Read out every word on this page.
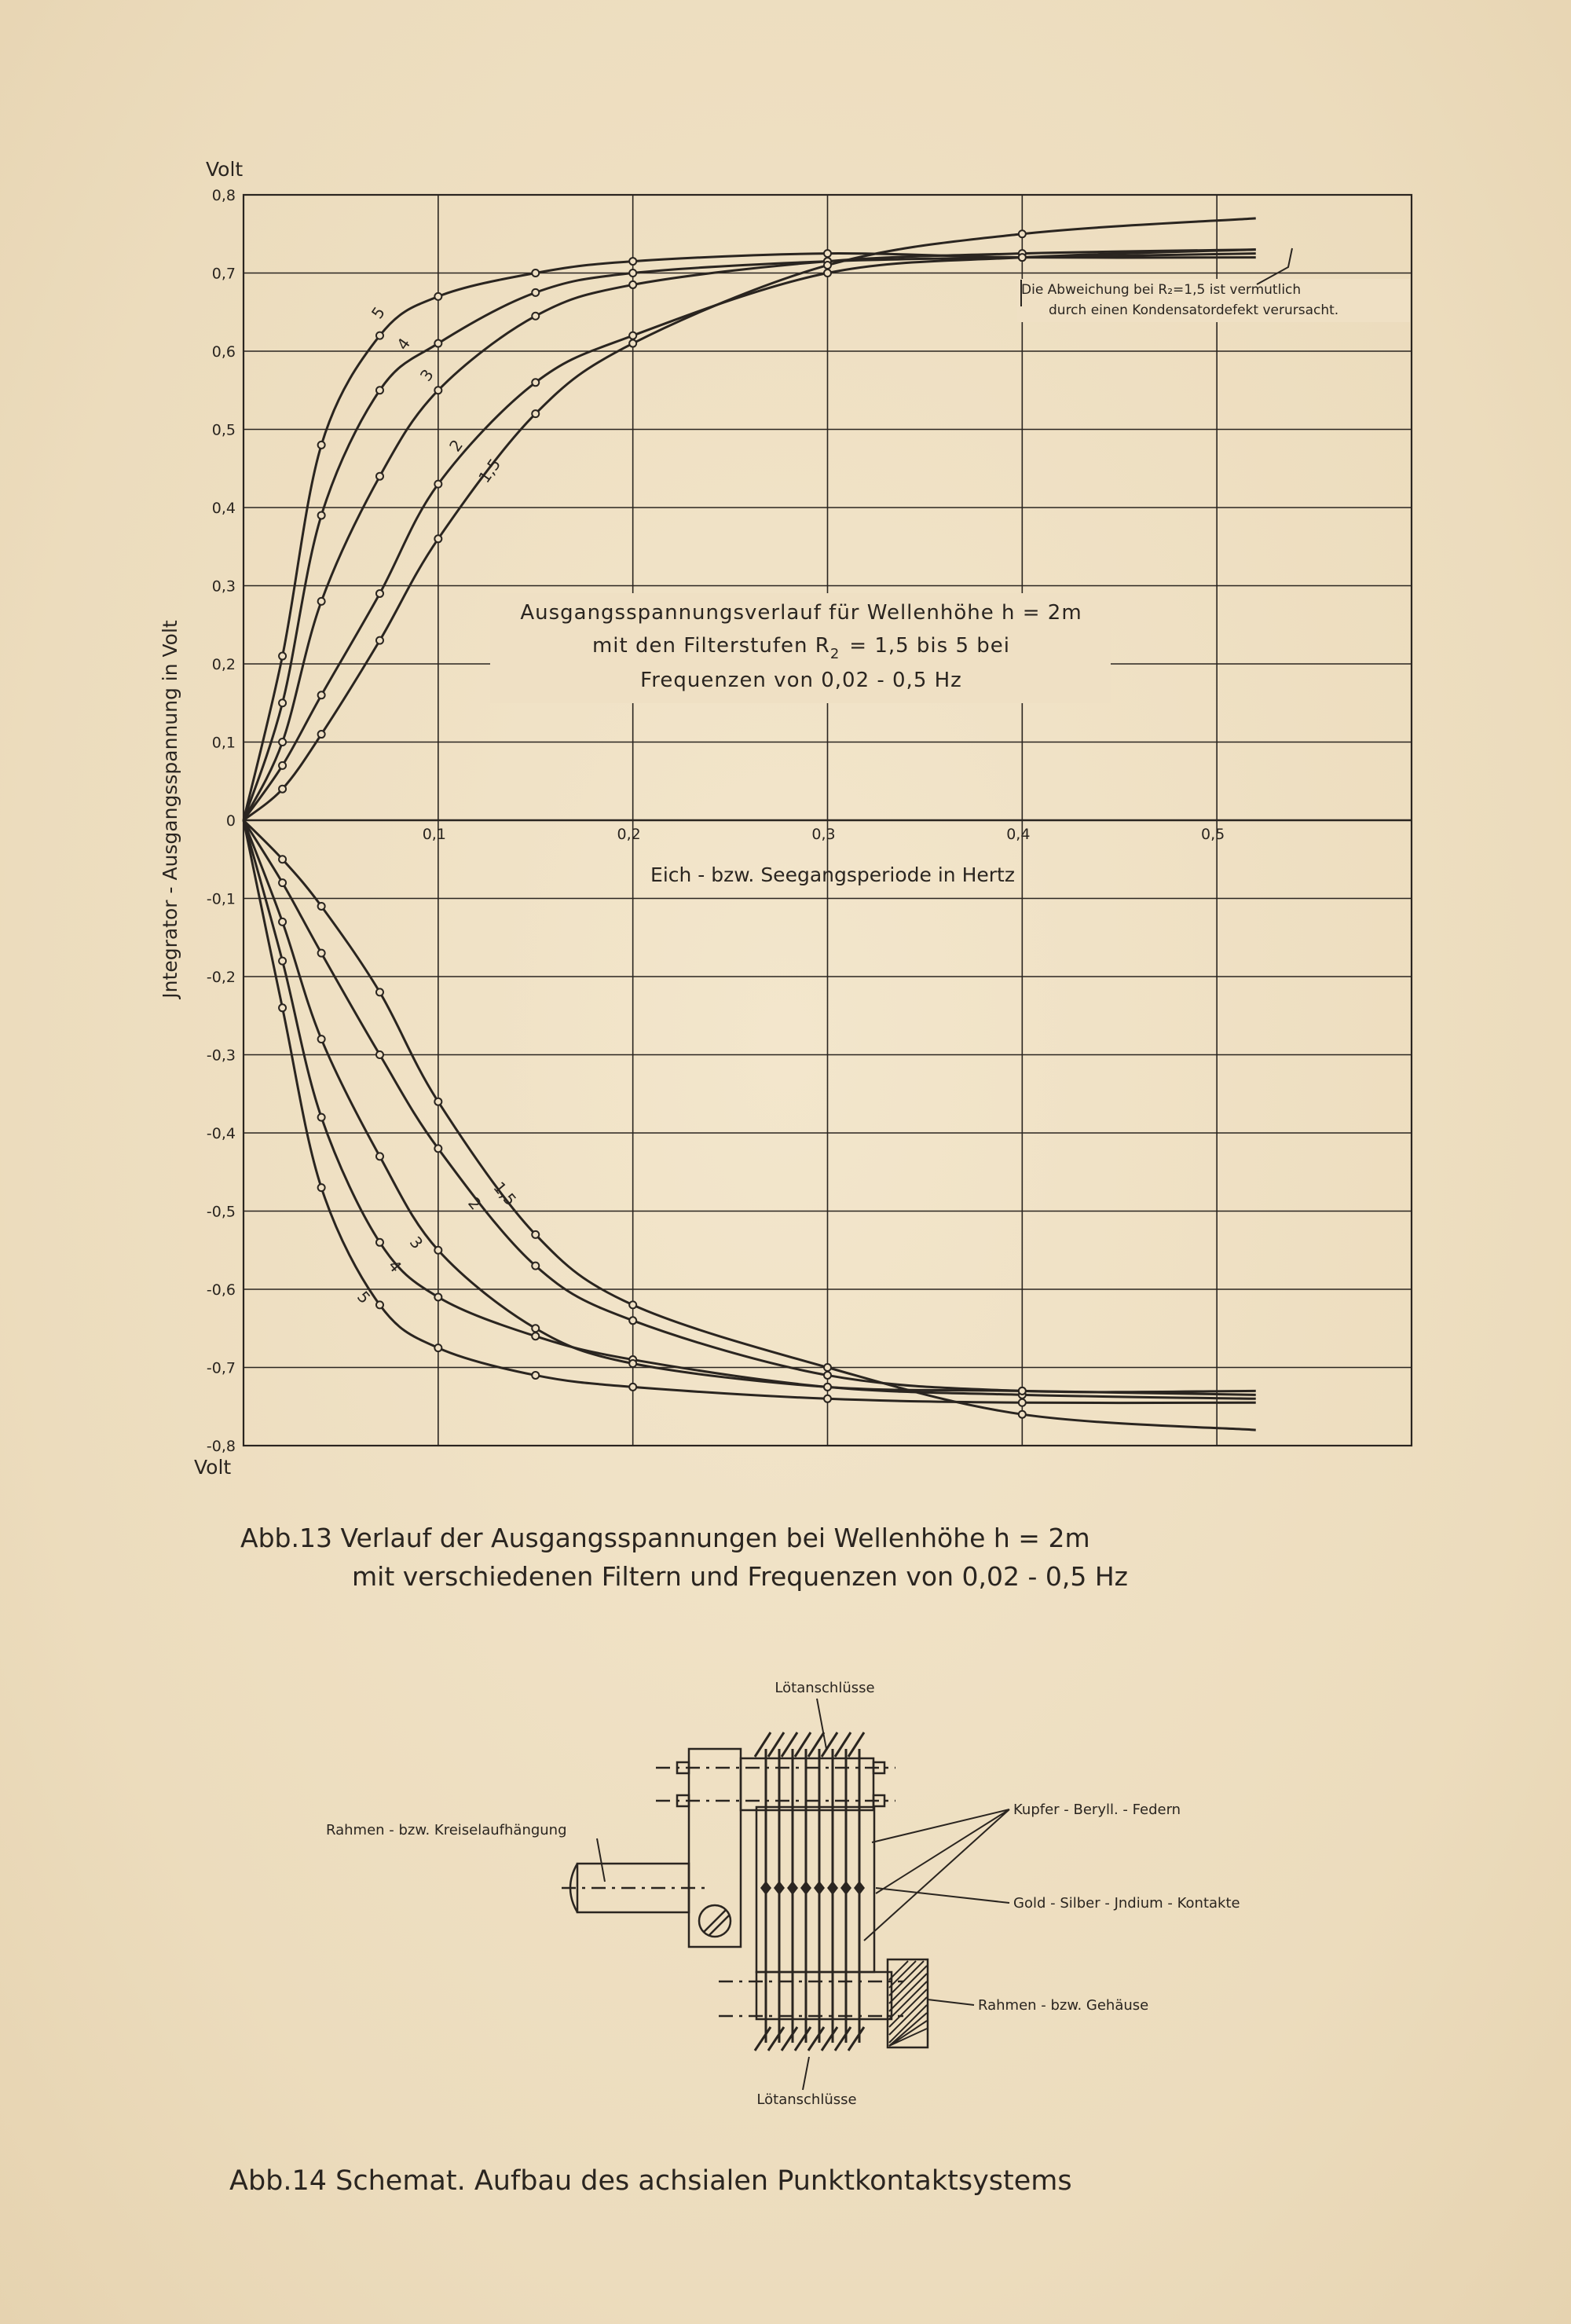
0,8
0,7
0,6
0,5
0,4
0,3
0,2
0,1
0
-0,1
-0,2
-0,3
-0,4
-0,5
-0,6
-0,7
-0,8
0,1	0,2	0,3	0,4	0,5
5
4
3
2
1,5
5
4
3
2 1,5
Volt
Volt
Jntegrator - Ausgangsspannung in Volt	Eich - bzw. Seegangsperiode in Hertz
Ausgangsspannungsverlauf für Wellenhöhe h = 2m
mit den Filterstufen $R_2 = 1,5$ bis 5 bei
Frequenzen von 0,02 - 0,5 Hz
Die Abweichung bei R₂=1,5 ist vermutlich
durch einen Kondensatordefekt verursacht.
Abb.13 Verlauf der Ausgangsspannungen bei Wellenhöhe h = 2m
mit verschiedenen Filtern und Frequenzen von 0,02 - 0,5 Hz
Lötanschlüsse
Lötanschlüsse
Rahmen - bzw. Kreiselaufhängung
Kupfer - Beryll. - Federn
Gold - Silber - Jndium - Kontakte
Rahmen - bzw. Gehäuse
Abb.14 Schemat. Aufbau des achsialen Punktkontaktsystems
